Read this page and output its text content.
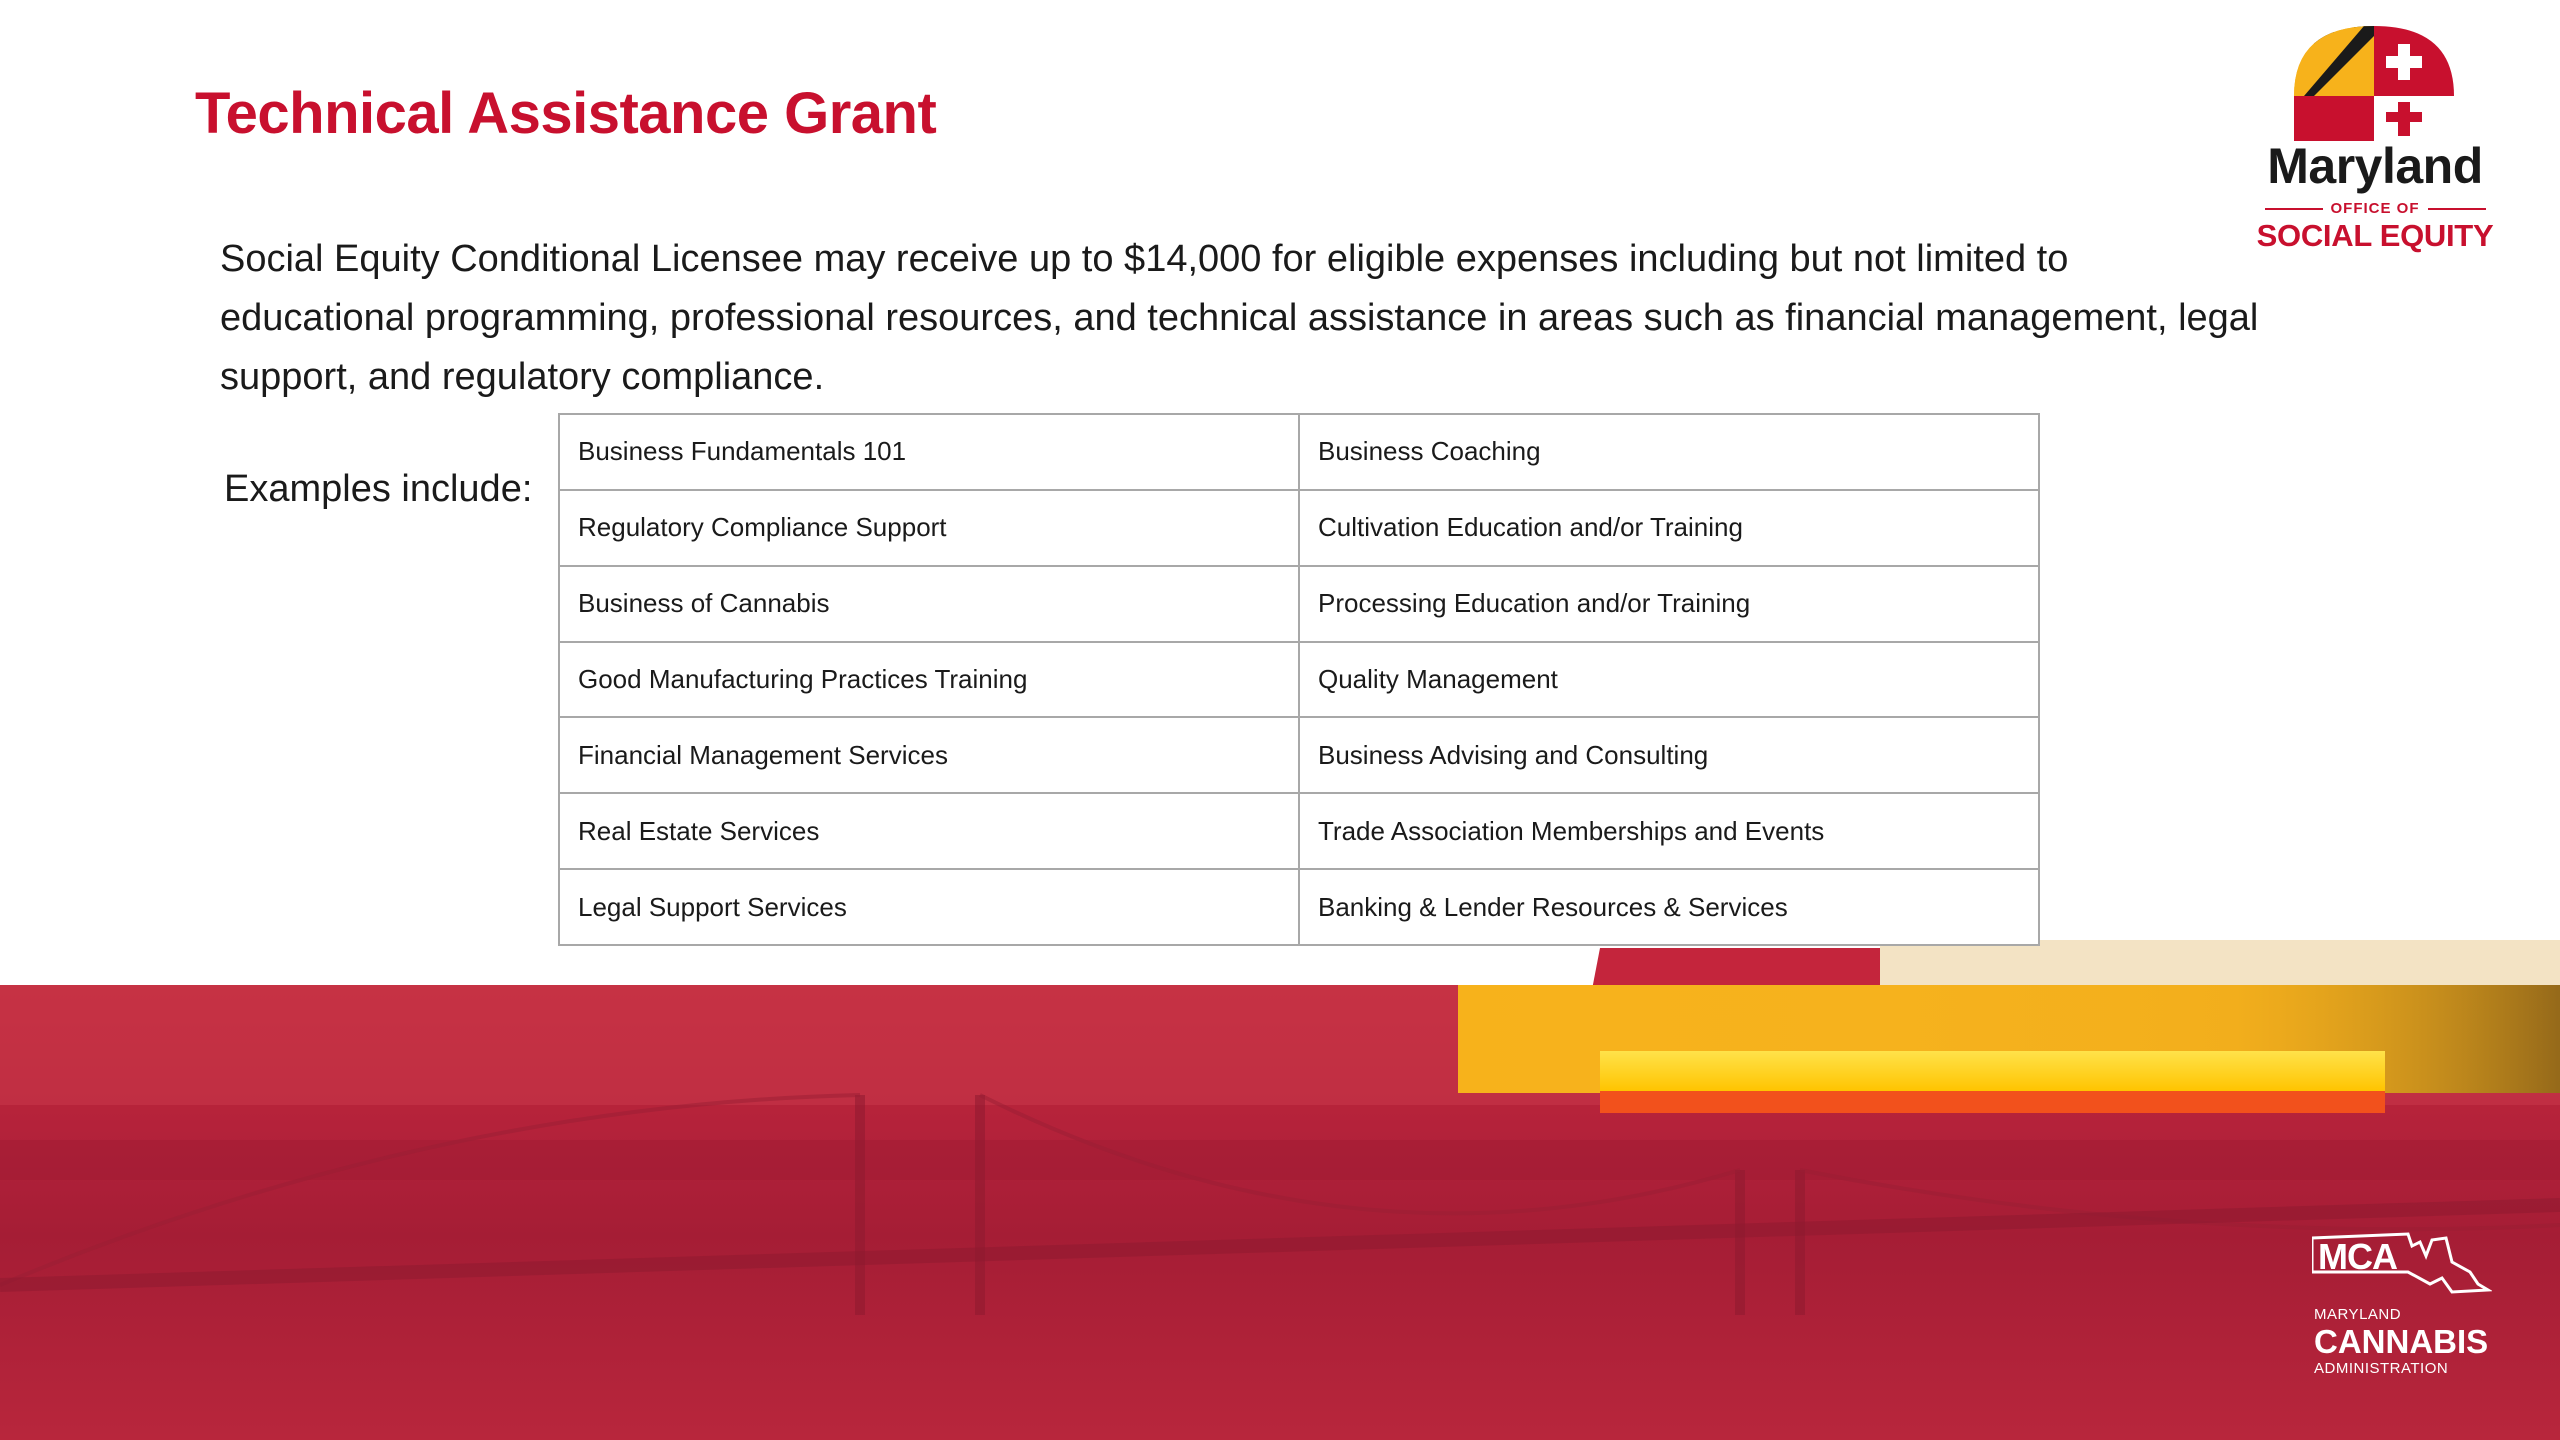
Technical Assistance Grant

Social Equity Conditional Licensee may receive up to $14,000 for eligible expenses including but not limited to educational programming, professional resources, and technical assistance in areas such as financial management, legal support, and regulatory compliance.

Examples include:
Business Fundamentals 101	Business Coaching
Regulatory Compliance Support	Cultivation Education and/or Training
Business of Cannabis	Processing Education and/or Training
Good Manufacturing Practices Training	Quality Management
Financial Management Services	Business Advising and Consulting
Real Estate Services	Trade Association Memberships and Events
Legal Support Services	Banking & Lender Resources & Services
Maryland
OFFICE OF
SOCIAL EQUITY
MCA
MARYLAND
CANNABIS
ADMINISTRATION
